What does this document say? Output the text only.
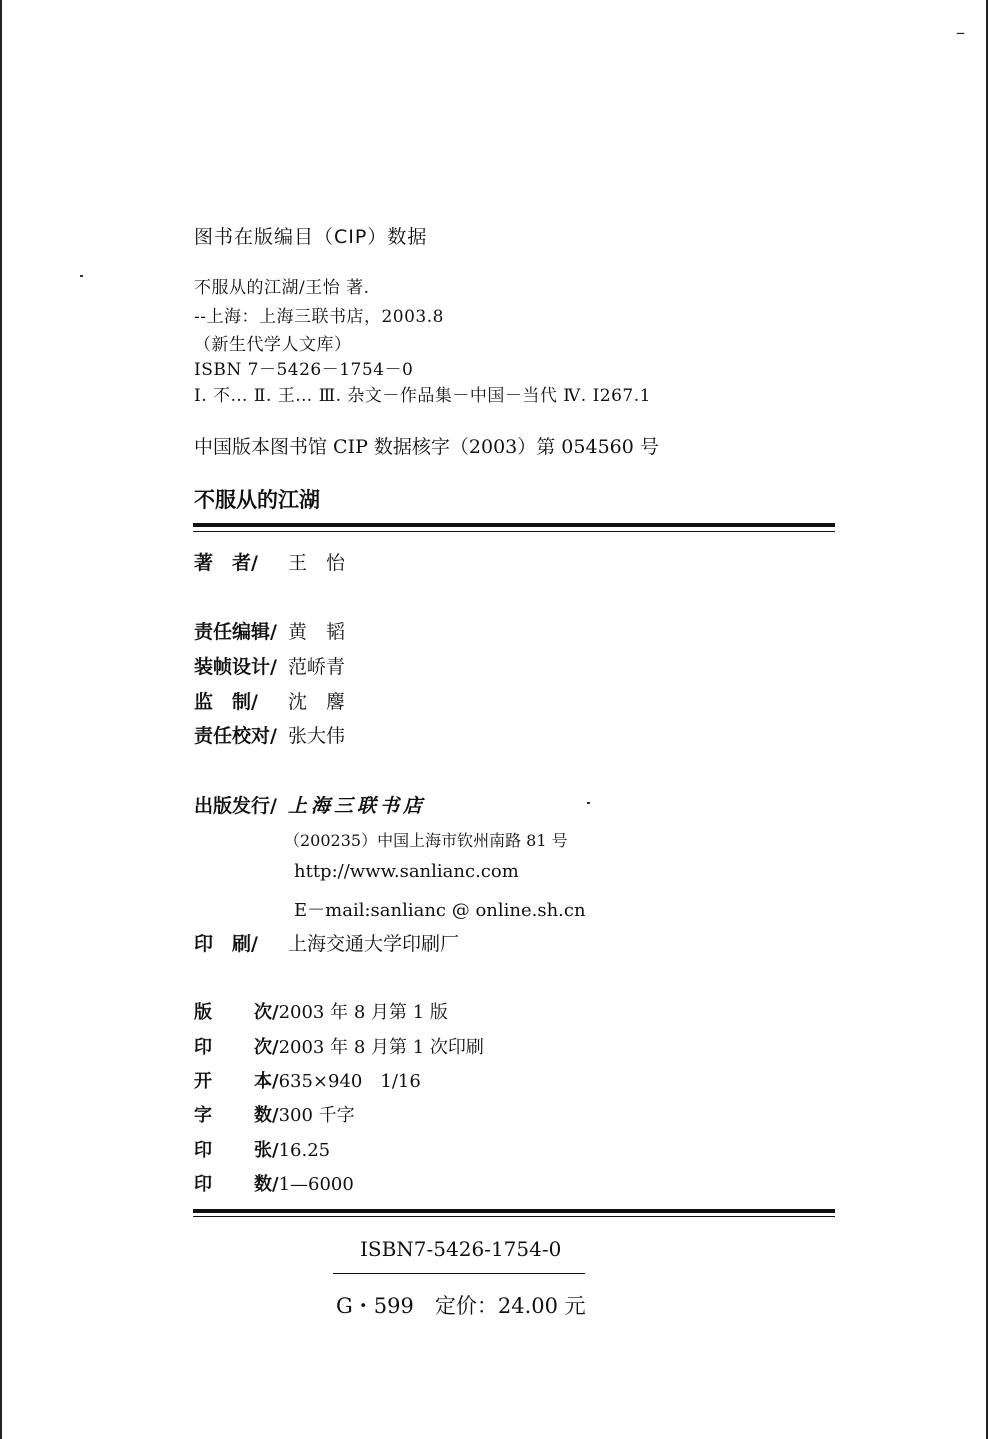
–
图书在版编目（CIP）数据
不服从的江湖/王怡 著.
--上海：上海三联书店，2003.8
（新生代学人文库）
ISBN 7－5426－1754－0
Ⅰ. 不… Ⅱ. 王… Ⅲ. 杂文－作品集－中国－当代 Ⅳ. I267.1
中国版本图书馆 CIP 数据核字（2003）第 054560 号
不服从的江湖
著　者/ 王　怡
责任编辑/ 黄　韬
装帧设计/ 范峤青
监　制/ 沈　麐
责任校对/ 张大伟
出版发行/ 上海三联书店
（200235）中国上海市钦州南路 81 号
http://www.sanlianc.com
E－mail:sanlianc @ online.sh.cn
印　刷/ 上海交通大学印刷厂
版 次/2003 年 8 月第 1 版
印 次/2003 年 8 月第 1 次印刷
开 本/635×940　1/16
字 数/300 千字
印 张/16.25
印 数/1—6000
ISBN7-5426-1754-0
G・599　定价：24.00 元
